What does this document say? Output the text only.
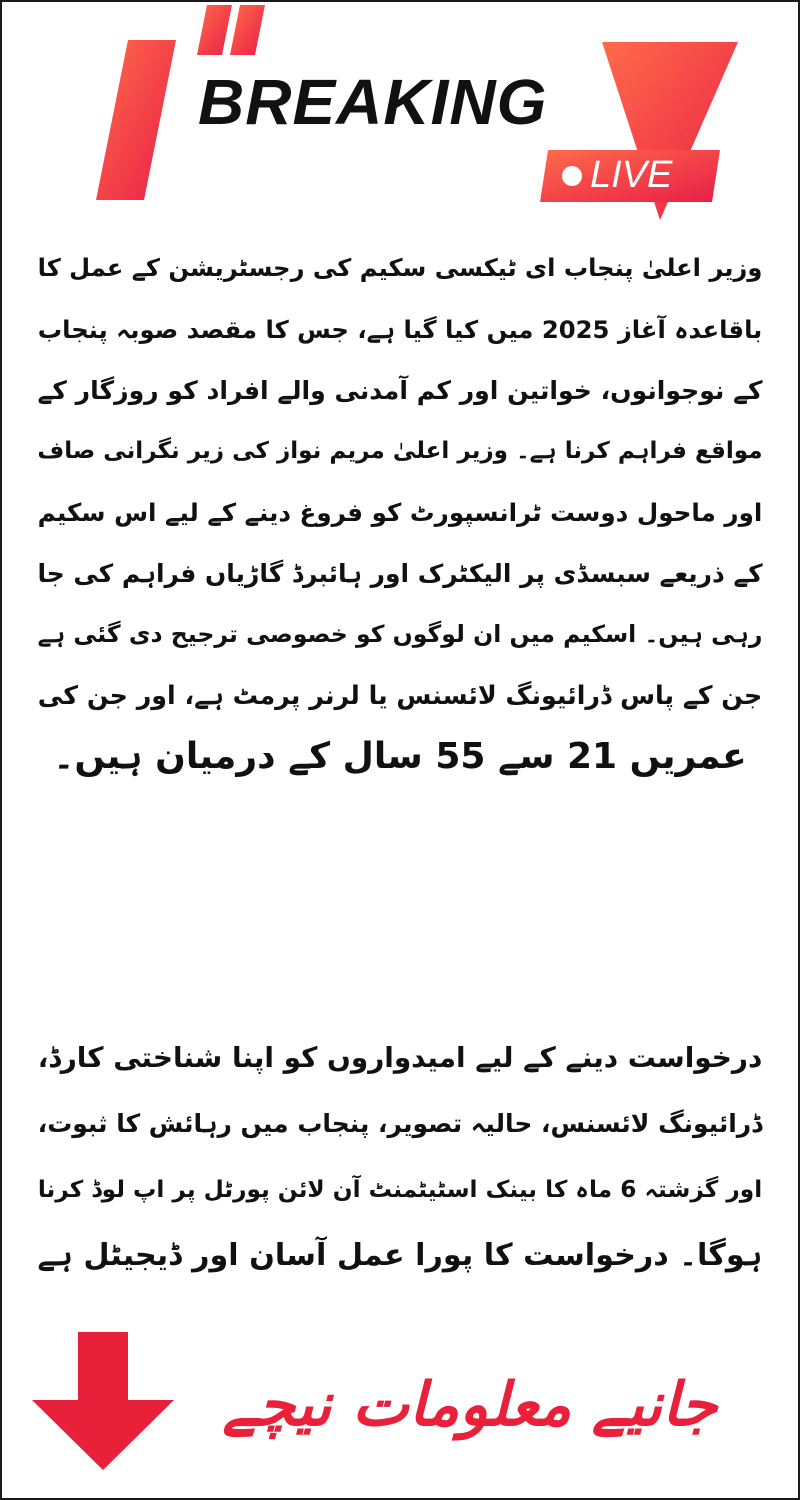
BREAKING
LIVE
وزیر اعلیٰ پنجاب ای ٹیکسی سکیم کی رجسٹریشن کے عمل کا
باقاعدہ آغاز 2025 میں کیا گیا ہے، جس کا مقصد صوبہ پنجاب
کے نوجوانوں، خواتین اور کم آمدنی والے افراد کو روزگار کے
مواقع فراہم کرنا ہے۔ وزیر اعلیٰ مریم نواز کی زیر نگرانی صاف
اور ماحول دوست ٹرانسپورٹ کو فروغ دینے کے لیے اس سکیم
کے ذریعے سبسڈی پر الیکٹرک اور ہائبرڈ گاڑیاں فراہم کی جا
رہی ہیں۔ اسکیم میں ان لوگوں کو خصوصی ترجیح دی گئی ہے
جن کے پاس ڈرائیونگ لائسنس یا لرنر پرمٹ ہے، اور جن کی
عمریں 21 سے 55 سال کے درمیان ہیں۔
درخواست دینے کے لیے امیدواروں کو اپنا شناختی کارڈ،
ڈرائیونگ لائسنس، حالیہ تصویر، پنجاب میں رہائش کا ثبوت،
اور گزشتہ 6 ماہ کا بینک اسٹیٹمنٹ آن لائن پورٹل پر اپ لوڈ کرنا
ہوگا۔ درخواست کا پورا عمل آسان اور ڈیجیٹل ہے
جانیے معلومات نیچے
